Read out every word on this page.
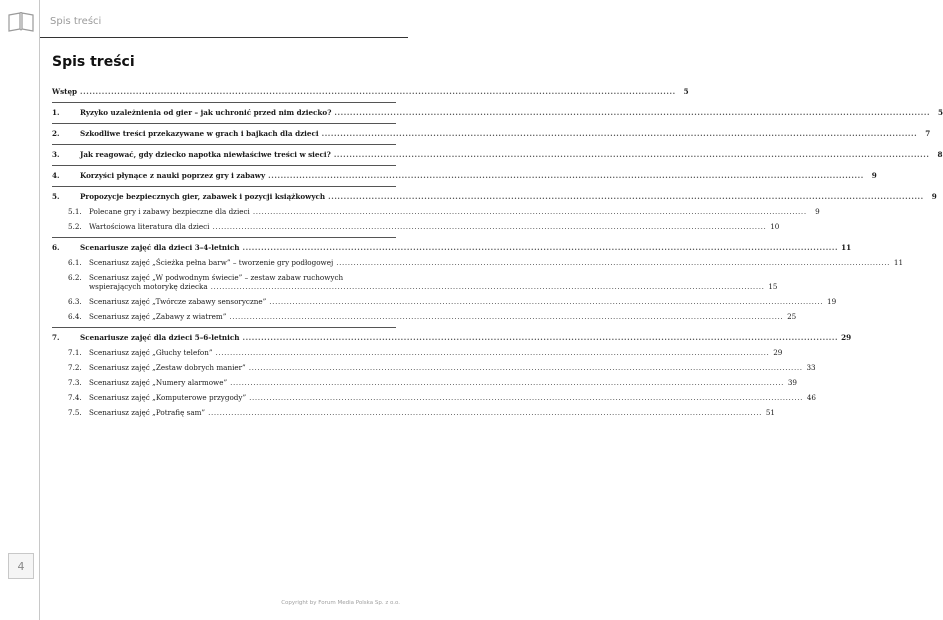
4
Spis treści
Spis treści
Wstęp .....	5
1.	Ryzyko uzależnienia od gier – jak uchronić przed nim dziecko? .....	5
2.	Szkodliwe treści przekazywane w grach i bajkach dla dzieci .....	7
3.	Jak reagować, gdy dziecko napotka niewłaściwe treści w sieci? .....	8
4.	Korzyści płynące z nauki poprzez gry i zabawy .....	9
5.	Propozycje bezpiecznych gier, zabawek i pozycji książkowych .....	9
5.1.	Polecane gry i zabawy bezpieczne dla dzieci .....	9
5.2.	Wartościowa literatura dla dzieci .....	10
6.	Scenariusze zajęć dla dzieci 3–4-letnich .....	11
6.1.	Scenariusz zajęć „Ścieżka pełna barw” – tworzenie gry podłogowej .....	11
6.2.	Scenariusz zajęć „W podwodnym świecie” – zestaw zabaw ruchowych
wspierających motorykę dziecka .....	15
6.3.	Scenariusz zajęć „Twórcze zabawy sensoryczne” .....	19
6.4.	Scenariusz zajęć „Zabawy z wiatrem” .....	25
7.	Scenariusze zajęć dla dzieci 5–6-letnich .....	29
7.1.	Scenariusz zajęć „Głuchy telefon” .....	29
7.2.	Scenariusz zajęć „Zestaw dobrych manier” .....	33
7.3.	Scenariusz zajęć „Numery alarmowe” .....	39
7.4.	Scenariusz zajęć „Komputerowe przygody” .....	46
7.5.	Scenariusz zajęć „Potrafię sam” .....	51
Copyright by Forum Media Polska Sp. z o.o.
